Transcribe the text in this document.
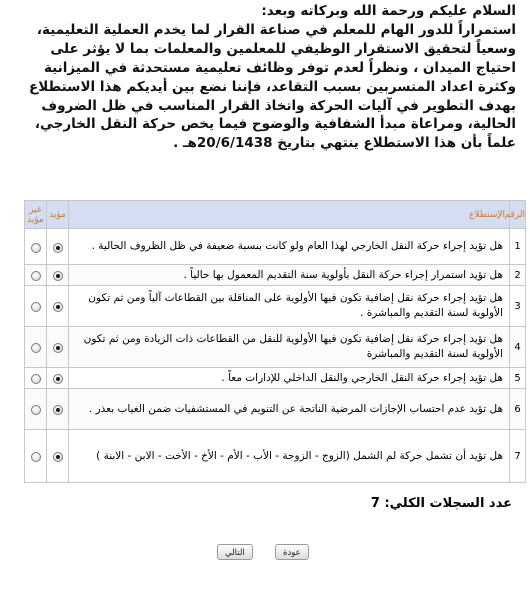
السلام عليكم ورحمة الله وبركاته وبعد:
استمراراً للدور الهام للمعلم في صناعة القرار لما يخدم العملية التعليمية،
وسعياً لتحقيق الاستقرار الوظيفي للمعلمين والمعلمات بما لا يؤثر على
احتياج الميدان ، ونظراً لعدم توفر وظائف تعليمية مستحدثة في الميزانية
وكثرة اعداد المتسربين بسبب التقاعد، فإننا نضع بين أيديكم هذا الاستطلاع
بهدف التطوير في آليات الحركة واتخاذ القرار المناسب في ظل الضروف
الحالية، ومراعاة مبدأ الشفافية والوضوح فيما يخص حركة النقل الخارجي،
علماً بأن هذا الاستطلاع ينتهي بتاريخ 20/6/1438هـ .
الرقم	الإستطلاع	مؤيد	غير مؤيد
1	هل تؤيد إجراء حركة النقل الخارجي لهذا العام ولو كانت بنسبة ضعيفة في ظل الظروف الحالية .		
2	هل تؤيد استمرار إجراء حركة النقل بأولوية سنة التقديم المعمول بها حالياً .		
3	هل تؤيد إجراء حركة نقل إضافية تكون فيها الأولوية على المناقلة بين القطاعات آلياً ومن ثم تكون الأولوية لسنة التقديم والمباشرة .		
4	هل تؤيد إجراء حركة نقل إضافية تكون فيها الأولوية للنقل من القطاعات ذات الزيادة ومن ثم تكون الأولوية لسنة التقديم والمباشرة		
5	هل تؤيد إجراء حركة النقل الخارجي والنقل الداخلي للإدارات معاً .		
6	هل تؤيد عدم احتساب الإجازات المرضية الناتجة عن التنويم في المستشفيات ضمن الغياب بعذر .		
7	هل تؤيد أن تشمل حركة لم الشمل (الزوج - الزوجة - الأب - الأم - الأخ - الأخت - الابن - الابنة )		
عدد السجلات الكلي: 7
التالي	عودة
